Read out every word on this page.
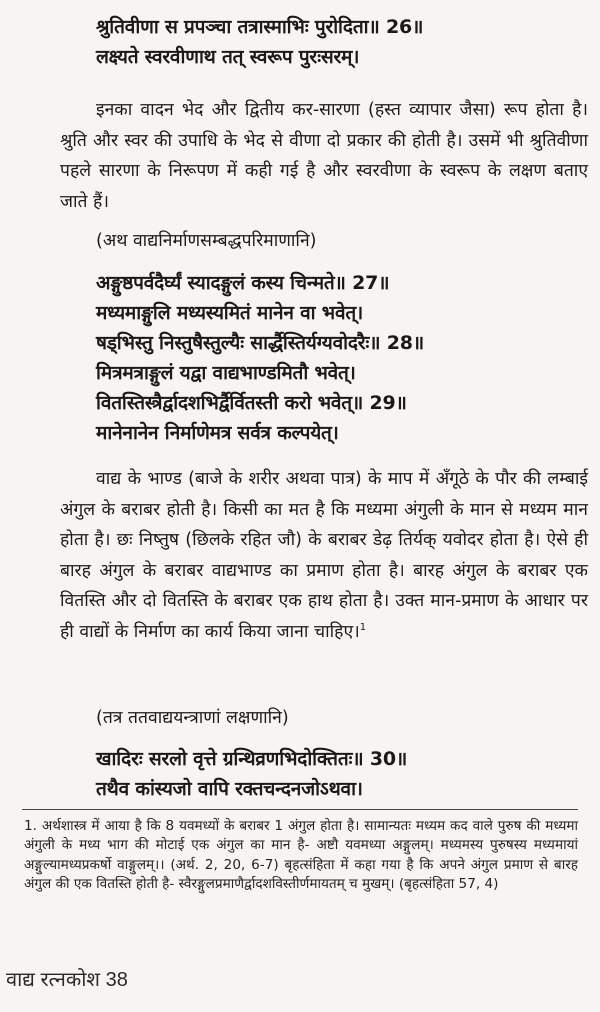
श्रुतिवीणा स प्रपञ्चा तत्रास्माभिः पुरोदिता॥ 26॥
लक्ष्यते स्वरवीणाथ तत् स्वरूप पुरःसरम्।
इनका वादन भेद और द्वितीय कर-सारणा (हस्त व्यापार जैसा) रूप होता है। श्रुति और स्वर की उपाधि के भेद से वीणा दो प्रकार की होती है। उसमें भी श्रुतिवीणा पहले सारणा के निरूपण में कही गई है और स्वरवीणा के स्वरूप के लक्षण बताए जाते हैं।
(अथ वाद्यनिर्माणसम्बद्धपरिमाणानि)
अङ्गुष्ठपर्वदैर्घ्यं स्यादङ्गुलं कस्य चिन्मते॥ 27॥
मध्यमाङ्गुलि मध्यस्यमितं मानेन वा भवेत्।
षड्भिस्तु निस्तुषैस्तुल्यैः सार्द्धैस्तिर्यग्यवोदरैः॥ 28॥
मित्रमत्राङ्गुलं यद्वा वाद्यभाण्डमितौ भवेत्।
वितस्तिस्त्रैर्द्वादशभिर्द्वैर्वितस्ती करो भवेत्॥ 29॥
मानेनानेन निर्माणेमत्र सर्वत्र कल्पयेत्।
वाद्य के भाण्ड (बाजे के शरीर अथवा पात्र) के माप में अँगूठे के पौर की लम्बाई अंगुल के बराबर होती है। किसी का मत है कि मध्यमा अंगुली के मान से मध्यम मान होता है। छः निष्तुष (छिलके रहित जौ) के बराबर डेढ़ तिर्यक् यवोदर होता है। ऐसे ही बारह अंगुल के बराबर वाद्यभाण्ड का प्रमाण होता है। बारह अंगुल के बराबर एक वितस्ति और दो वितस्ति के बराबर एक हाथ होता है। उक्त मान-प्रमाण के आधार पर ही वाद्यों के निर्माण का कार्य किया जाना चाहिए।$^1$
(तत्र ततवाद्ययन्त्राणां लक्षणानि)
खादिरः सरलो वृत्ते ग्रन्थिव्रणभिदोक्तितः॥ 30॥
तथैव कांस्यजो वापि रक्तचन्दनजोऽथवा।
1. अर्थशास्त्र में आया है कि 8 यवमध्यों के बराबर 1 अंगुल होता है। सामान्यतः मध्यम कद वाले पुरुष की मध्यमा अंगुली के मध्य भाग की मोटाई एक अंगुल का मान है- अष्टौ यवमध्या अङ्गुलम्। मध्यमस्य पुरुषस्य मध्यमायां अङ्गुल्यामध्यप्रकर्षो वाङ्गुलम्।। (अर्थ. 2, 20, 6-7) बृहत्संहिता में कहा गया है कि अपने अंगुल प्रमाण से बारह अंगुल की एक वितस्ति होती है- स्वैरङ्गुलप्रमाणैर्द्वादशविस्तीर्णमायतम् च मुखम्। (बृहत्संहिता 57, 4)
वाद्य रत्नकोश 38
